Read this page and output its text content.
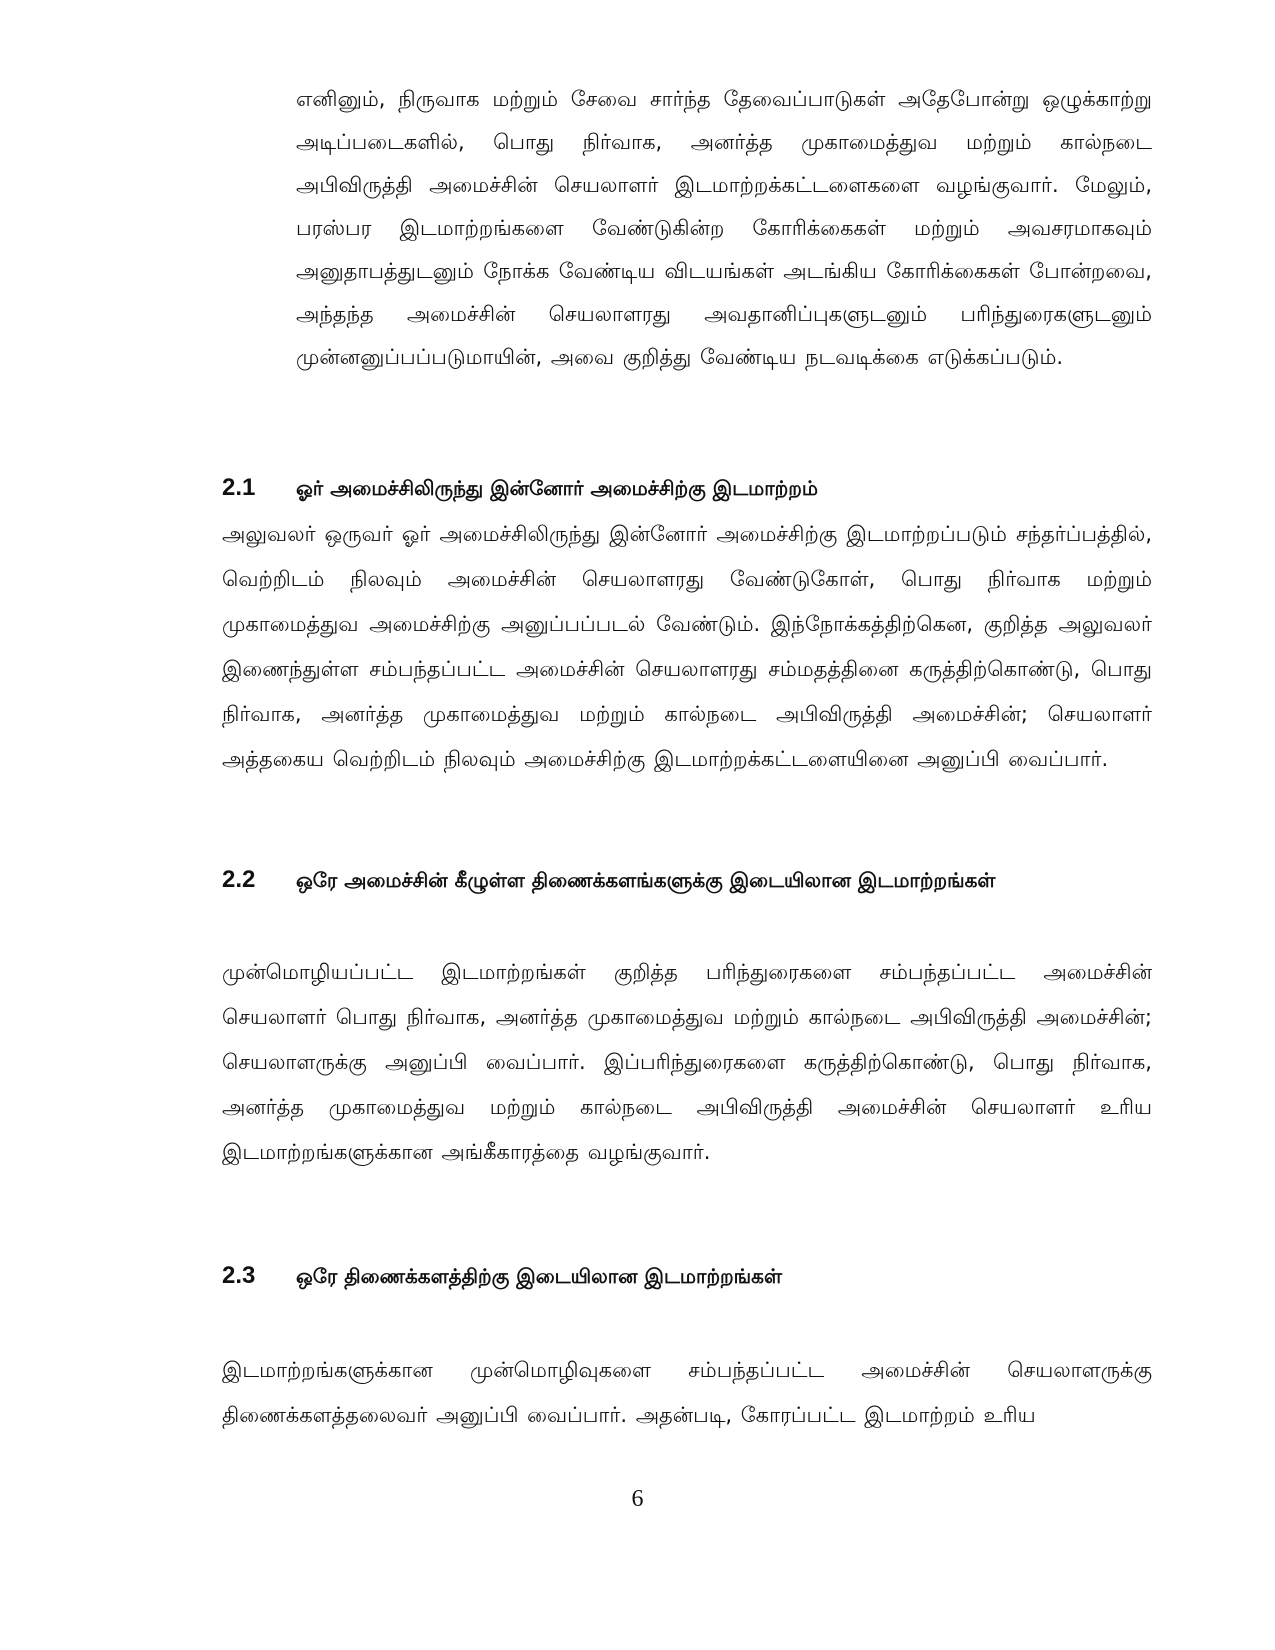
எனினும், நிருவாக மற்றும் சேவை சார்ந்த தேவைப்பாடுகள் அதேபோன்று ஒழுக்காற்று அடிப்படைகளில், பொது நிர்வாக, அனர்த்த முகாமைத்துவ மற்றும் கால்நடை அபிவிருத்தி அமைச்சின் செயலாளர் இடமாற்றக்கட்டளைகளை வழங்குவார். மேலும், பரஸ்பர இடமாற்றங்களை வேண்டுகின்ற கோரிக்கைகள் மற்றும் அவசரமாகவும் அனுதாபத்துடனும் நோக்க வேண்டிய விடயங்கள் அடங்கிய கோரிக்கைகள் போன்றவை, அந்தந்த அமைச்சின் செயலாளரது அவதானிப்புகளுடனும் பரிந்துரைகளுடனும் முன்னனுப்பப்படுமாயின், அவை குறித்து வேண்டிய நடவடிக்கை எடுக்கப்படும்.

2.1	ஓர் அமைச்சிலிருந்து இன்னோர் அமைச்சிற்கு இடமாற்றம்

அலுவலர் ஒருவர் ஓர் அமைச்சிலிருந்து இன்னோர் அமைச்சிற்கு இடமாற்றப்படும் சந்தர்ப்பத்தில், வெற்றிடம் நிலவும் அமைச்சின் செயலாளரது வேண்டுகோள், பொது நிர்வாக மற்றும் முகாமைத்துவ அமைச்சிற்கு அனுப்பப்படல் வேண்டும். இந்நோக்கத்திற்கென, குறித்த அலுவலர் இணைந்துள்ள சம்பந்தப்பட்ட அமைச்சின் செயலாளரது சம்மதத்தினை கருத்திற்கொண்டு, பொது நிர்வாக, அனர்த்த முகாமைத்துவ மற்றும் கால்நடை அபிவிருத்தி அமைச்சின்; செயலாளர் அத்தகைய வெற்றிடம் நிலவும் அமைச்சிற்கு இடமாற்றக்கட்டளையினை அனுப்பி வைப்பார்.

2.2	ஒரே அமைச்சின் கீழுள்ள திணைக்களங்களுக்கு இடையிலான இடமாற்றங்கள்

முன்மொழியப்பட்ட இடமாற்றங்கள் குறித்த பரிந்துரைகளை சம்பந்தப்பட்ட அமைச்சின் செயலாளர் பொது நிர்வாக, அனர்த்த முகாமைத்துவ மற்றும் கால்நடை அபிவிருத்தி அமைச்சின்; செயலாளருக்கு அனுப்பி வைப்பார். இப்பரிந்துரைகளை கருத்திற்கொண்டு, பொது நிர்வாக, அனர்த்த முகாமைத்துவ மற்றும் கால்நடை அபிவிருத்தி அமைச்சின் செயலாளர் உரிய இடமாற்றங்களுக்கான அங்கீகாரத்தை வழங்குவார்.

2.3	ஒரே திணைக்களத்திற்கு இடையிலான இடமாற்றங்கள்

இடமாற்றங்களுக்கான முன்மொழிவுகளை சம்பந்தப்பட்ட அமைச்சின் செயலாளருக்கு திணைக்களத்தலைவர் அனுப்பி வைப்பார். அதன்படி, கோரப்பட்ட இடமாற்றம் உரிய

6
